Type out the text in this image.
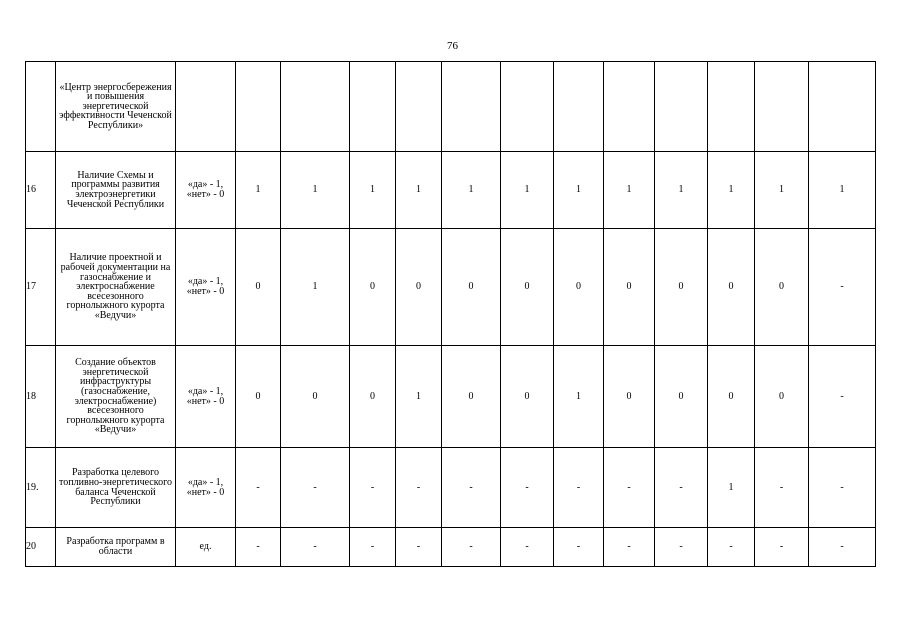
76
	«Центр энергосбережения и повышения энергетической эффективности Чеченской Республики»													
16	Наличие Схемы и программы развития электроэнергетики Чеченской Республики	«да» - 1, «нет» - 0	1	1	1	1	1	1	1	1	1	1	1	1
17	Наличие проектной и рабочей документации на газоснабжение и электроснабжение всесезонного горнолыжного курорта «Ведучи»	«да» - 1, «нет» - 0	0	1	0	0	0	0	0	0	0	0	0	-
18	Создание объектов энергетической инфраструктуры (газоснабжение, электроснабжение) всесезонного горнолыжного курорта «Ведучи»	«да» - 1, «нет» - 0	0	0	0	1	0	0	1	0	0	0	0	-
19.	Разработка целевого топливно-энергетического баланса Чеченской Республики	«да» - 1, «нет» - 0	-	-	-	-	-	-	-	-	-	1	-	-
20	Разработка программ в области	ед.	-	-	-	-	-	-	-	-	-	-	-	-
